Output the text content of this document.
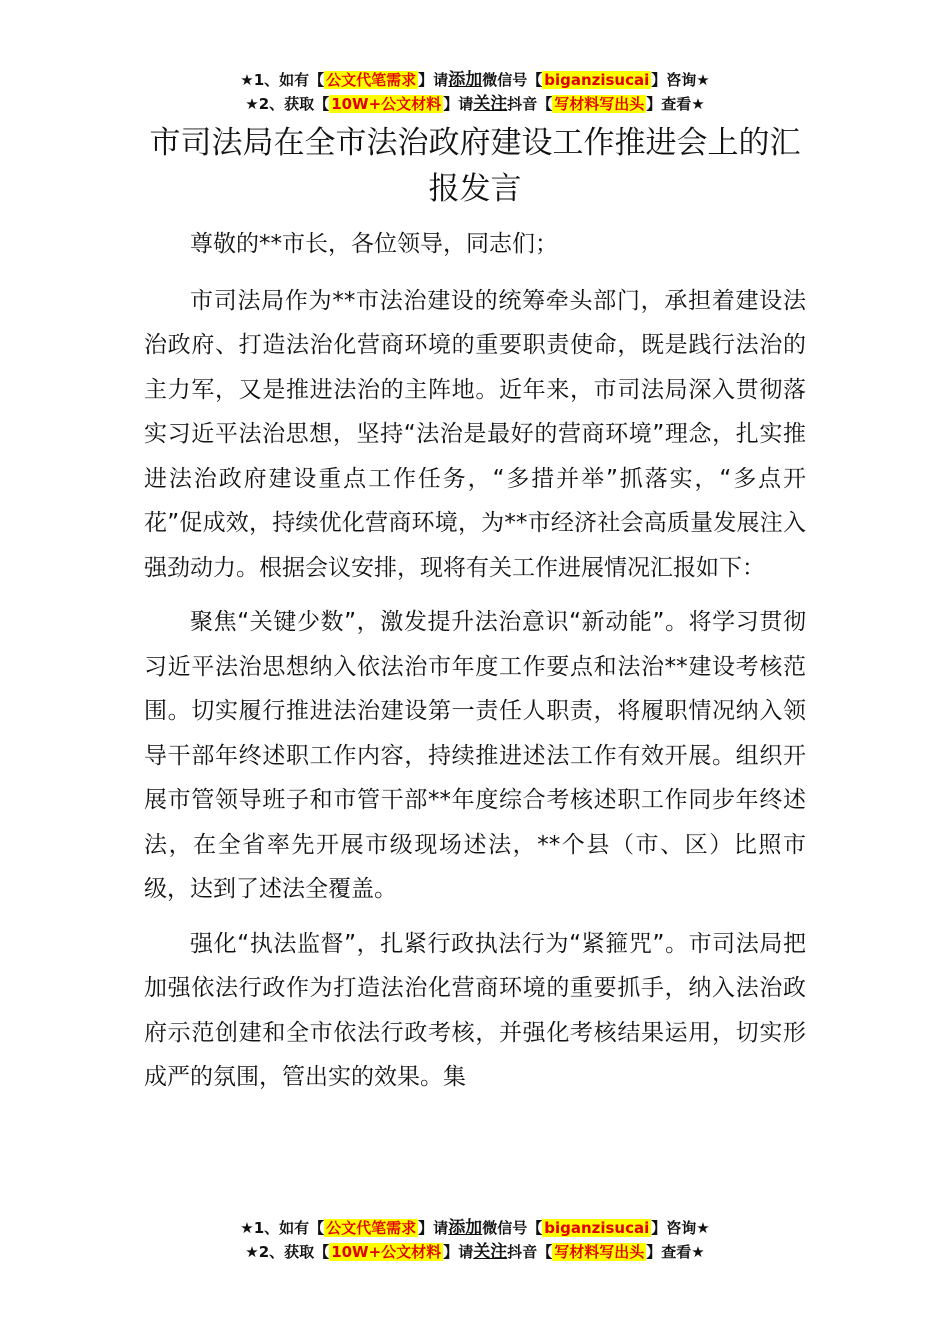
★1、如有【 公文代笔需求 】请添加微信号【 biganzisucai 】咨询★
★2、获取【 10W+公文材料 】请关注抖音【 写材料写出头 】查看★
市司法局在全市法治政府建设工作推进会上的汇报发言

尊敬的**市长，各位领导，同志们；

市司法局作为**市法治建设的统筹牵头部门，承担着建设法治政府、打造法治化营商环境的重要职责使命，既是践行法治的主力军，又是推进法治的主阵地。近年来，市司法局深入贯彻落实习近平法治思想，坚持“法治是最好的营商环境”理念，扎实推进法治政府建设重点工作任务，“多措并举”抓落实，“多点开花”促成效，持续优化营商环境，为**市经济社会高质量发展注入强劲动力。根据会议安排，现将有关工作进展情况汇报如下：

聚焦“关键少数”，激发提升法治意识“新动能”。将学习贯彻习近平法治思想纳入依法治市年度工作要点和法治**建设考核范围。切实履行推进法治建设第一责任人职责，将履职情况纳入领导干部年终述职工作内容，持续推进述法工作有效开展。组织开展市管领导班子和市管干部**年度综合考核述职工作同步年终述法，在全省率先开展市级现场述法，**个县（市、区）比照市级，达到了述法全覆盖。

强化“执法监督”，扎紧行政执法行为“紧箍咒”。市司法局把加强依法行政作为打造法治化营商环境的重要抓手，纳入法治政府示范创建和全市依法行政考核，并强化考核结果运用，切实形成严的氛围，管出实的效果。集

★1、如有【 公文代笔需求 】请添加微信号【 biganzisucai 】咨询★
★2、获取【 10W+公文材料 】请关注抖音【 写材料写出头 】查看★
